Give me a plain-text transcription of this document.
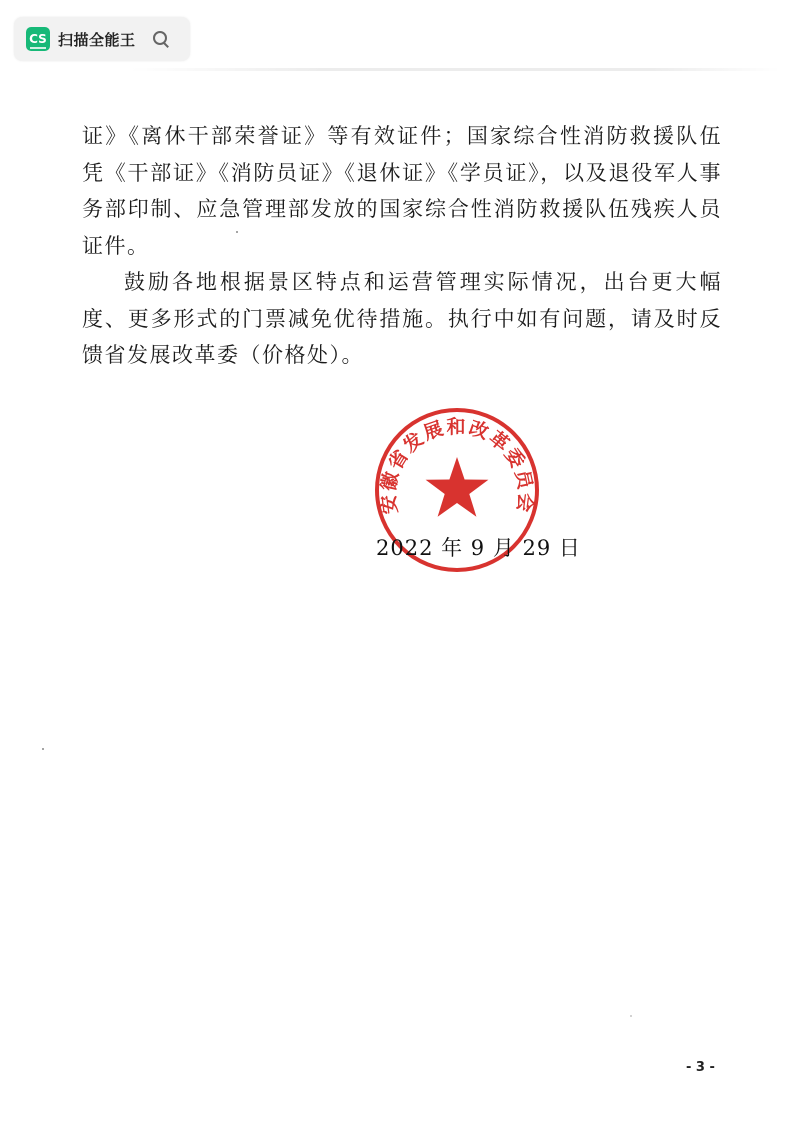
CS 扫描全能王
证》《离休干部荣誉证》等有效证件；国家综合性消防救援队伍凭《干部证》《消防员证》《退休证》《学员证》，以及退役军人事务部印制、应急管理部发放的国家综合性消防救援队伍残疾人员证件。
鼓励各地根据景区特点和运营管理实际情况，出台更大幅度、更多形式的门票减免优待措施。执行中如有问题，请及时反馈省发展改革委（价格处）。
安徽省发展和改革委员会
2022 年 9 月 29 日
- 3 -
